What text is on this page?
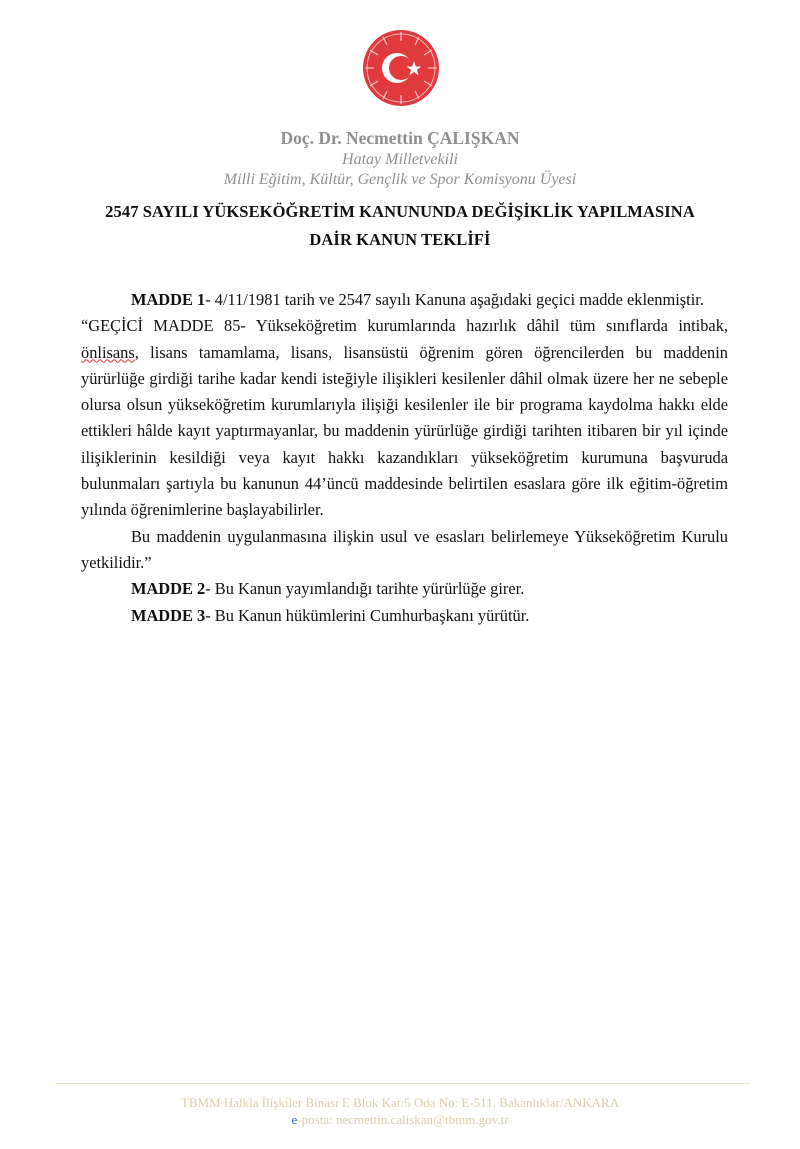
Doç. Dr. Necmettin ÇALIŞKAN
Hatay Milletvekili
Milli Eğitim, Kültür, Gençlik ve Spor Komisyonu Üyesi
2547 SAYILI YÜKSEKÖĞRETİM KANUNUNDA DEĞİŞİKLİK YAPILMASINA
DAİR KANUN TEKLİFİ

MADDE 1- 4/11/1981 tarih ve 2547 sayılı Kanuna aşağıdaki geçici madde eklenmiştir.

“GEÇİCİ MADDE 85- Yükseköğretim kurumlarında hazırlık dâhil tüm sınıflarda intibak, önlisans, lisans tamamlama, lisans, lisansüstü öğrenim gören öğrencilerden bu maddenin yürürlüğe girdiği tarihe kadar kendi isteğiyle ilişikleri kesilenler dâhil olmak üzere her ne sebeple olursa olsun yükseköğretim kurumlarıyla ilişiği kesilenler ile bir programa kaydolma hakkı elde ettikleri hâlde kayıt yaptırmayanlar, bu maddenin yürürlüğe girdiği tarihten itibaren bir yıl içinde ilişiklerinin kesildiği veya kayıt hakkı kazandıkları yükseköğretim kurumuna başvuruda bulunmaları şartıyla bu kanunun 44’üncü maddesinde belirtilen esaslara göre ilk eğitim-öğretim yılında öğrenimlerine başlayabilirler.

Bu maddenin uygulanmasına ilişkin usul ve esasları belirlemeye Yükseköğretim Kurulu yetkilidir.”

MADDE 2- Bu Kanun yayımlandığı tarihte yürürlüğe girer.

MADDE 3- Bu Kanun hükümlerini Cumhurbaşkanı yürütür.

TBMM Halkla İlişkiler Binası E Blok Kat:5 Oda No: E-511, Bakanlıklar/ANKARA
e-posta: necmettin.caliskan@tbmm.gov.tr
